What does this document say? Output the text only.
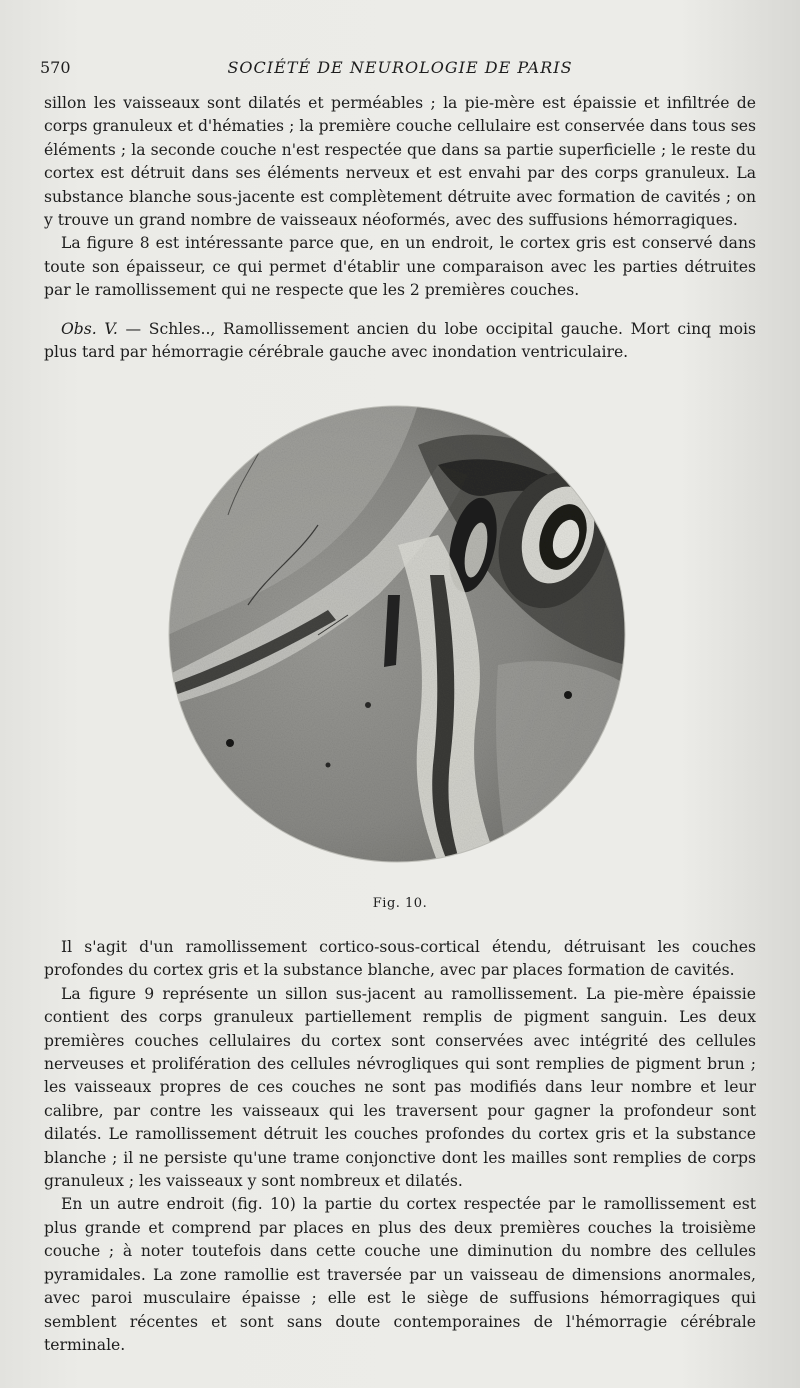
570	SOCIÉTÉ DE NEUROLOGIE DE PARIS

sillon les vaisseaux sont dilatés et perméables ; la pie-mère est épaissie et infiltrée de corps granuleux et d'hématies ; la première couche cellulaire est conservée dans tous ses éléments ; la seconde couche n'est respectée que dans sa partie superficielle ; le reste du cortex est détruit dans ses éléments nerveux et est envahi par des corps granuleux. La substance blanche sous-jacente est complètement détruite avec formation de cavités ; on y trouve un grand nombre de vaisseaux néoformés, avec des suffusions hémorragiques.

La figure 8 est intéressante parce que, en un endroit, le cortex gris est conservé dans toute son épaisseur, ce qui permet d'établir une comparaison avec les parties détruites par le ramollissement qui ne respecte que les 2 premières couches.

Obs. V. — Schles.., Ramollissement ancien du lobe occipital gauche. Mort cinq mois plus tard par hémorragie cérébrale gauche avec inondation ventriculaire.

Fig. 10.

Il s'agit d'un ramollissement cortico-sous-cortical étendu, détruisant les couches profondes du cortex gris et la substance blanche, avec par places formation de cavités.

La figure 9 représente un sillon sus-jacent au ramollissement. La pie-mère épaissie contient des corps granuleux partiellement remplis de pigment sanguin. Les deux premières couches cellulaires du cortex sont conservées avec intégrité des cellules nerveuses et prolifération des cellules névrogliques qui sont remplies de pigment brun ; les vaisseaux propres de ces couches ne sont pas modifiés dans leur nombre et leur calibre, par contre les vaisseaux qui les traversent pour gagner la profondeur sont dilatés. Le ramollissement détruit les couches profondes du cortex gris et la substance blanche ; il ne persiste qu'une trame conjonctive dont les mailles sont remplies de corps granuleux ; les vaisseaux y sont nombreux et dilatés.

En un autre endroit (fig. 10) la partie du cortex respectée par le ramollissement est plus grande et comprend par places en plus des deux premières couches la troisième couche ; à noter toutefois dans cette couche une diminution du nombre des cellules pyramidales. La zone ramollie est traversée par un vaisseau de dimensions anormales, avec paroi musculaire épaisse ; elle est le siège de suffusions hémorragiques qui semblent récentes et sont sans doute contemporaines de l'hémorragie cérébrale terminale.
